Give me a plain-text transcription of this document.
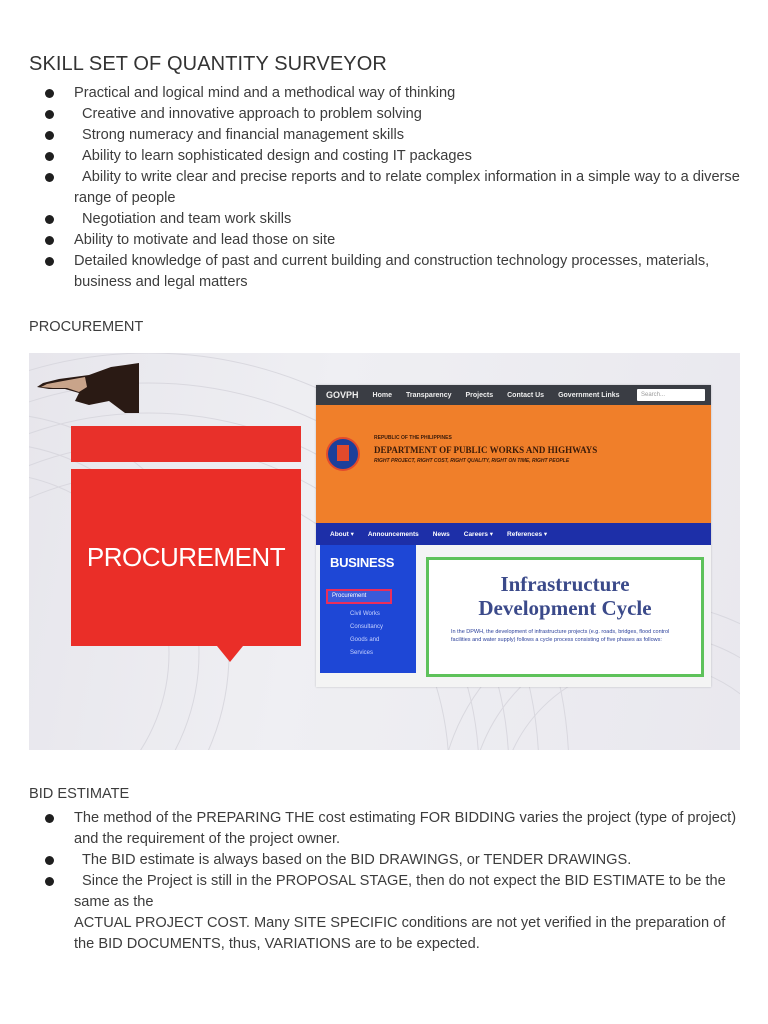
SKILL SET OF QUANTITY SURVEYOR
Practical and logical mind and a methodical way of thinking
Creative and innovative approach to problem solving
Strong numeracy and financial management skills
Ability to learn sophisticated design and costing IT packages
Ability to write clear and precise reports and to relate complex information in a simple way to a diverse range of people
Negotiation and team work skills
Ability to motivate and lead those on site
Detailed knowledge of past and current building and construction technology processes, materials, business and legal matters

PROCUREMENT

PROCUREMENT
GOVPH Home Transparency Projects Contact Us Government Links	Search...
REPUBLIC OF THE PHILIPPINES
DEPARTMENT OF PUBLIC WORKS AND HIGHWAYS
RIGHT PROJECT, RIGHT COST, RIGHT QUALITY, RIGHT ON TIME, RIGHT PEOPLE
About ▾ Announcements News Careers ▾ References ▾
BUSINESS
Procurement
Civil Works
Consultancy
Goods and
Services
Infrastructure
Development Cycle
In the DPWH, the development of infrastructure projects (e.g. roads, bridges, flood control facilities and water supply) follows a cycle process consisting of five phases as follows:

BID ESTIMATE

The method of the PREPARING THE cost estimating FOR BIDDING varies the project (type of project) and the requirement of the project owner.
The BID estimate is always based on the BID DRAWINGS, or TENDER DRAWINGS.
Since the Project is still in the PROPOSAL STAGE, then do not expect the BID ESTIMATE to be the same as the
ACTUAL PROJECT COST. Many SITE SPECIFIC conditions are not yet verified in the preparation of the BID DOCUMENTS, thus, VARIATIONS are to be expected.
